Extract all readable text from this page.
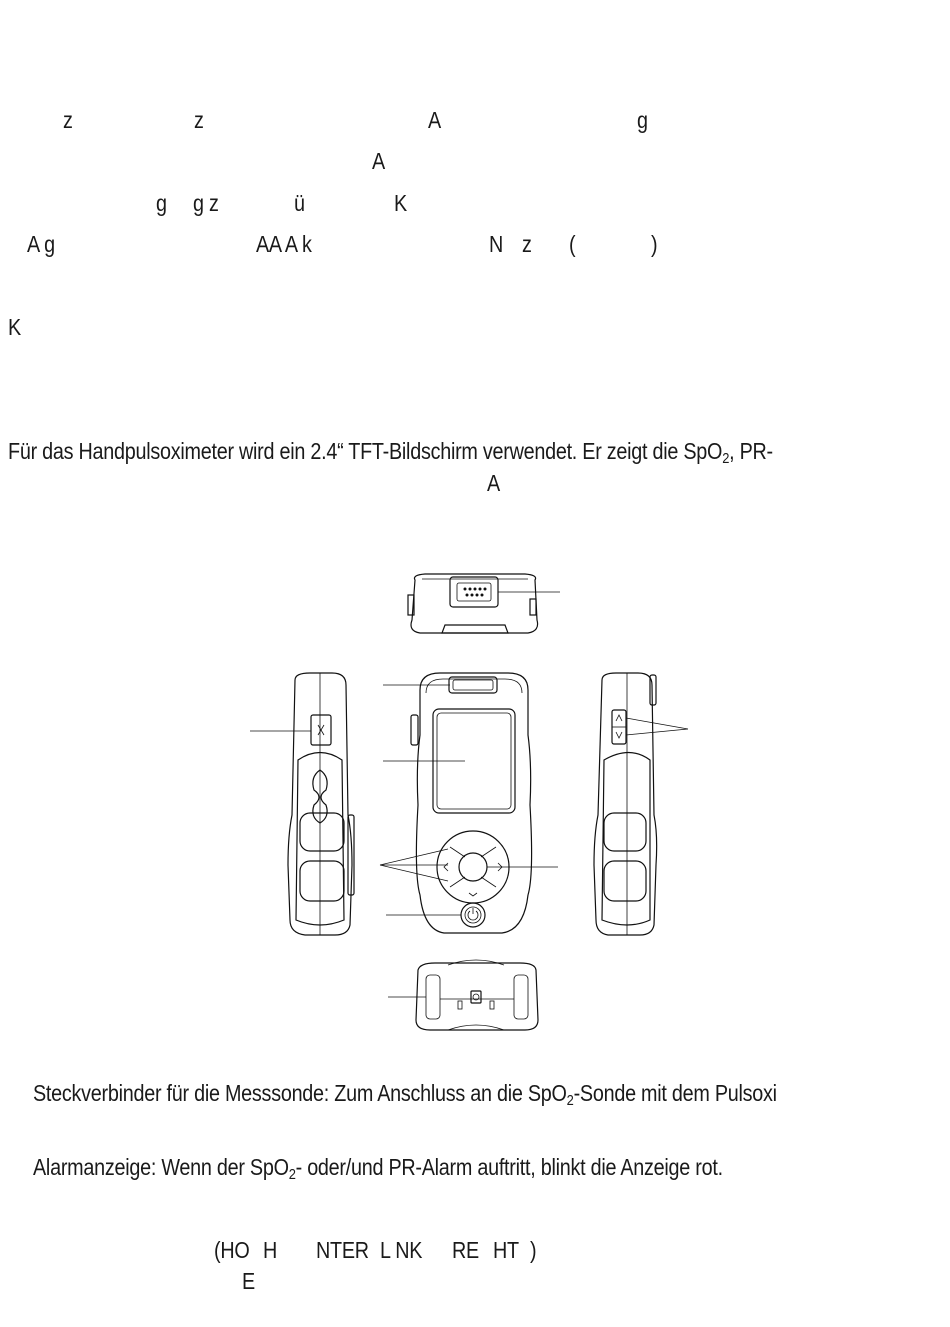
z	z	A	g

A

g g z	ü	K

A g	AA A k	N z (	)

K

Für das Handpulsoximeter wird ein 2.4“ TFT-Bildschirm verwendet. Er zeigt die SpO$_2$, PR-

A

Steckverbinder für die Messsonde: Zum Anschluss an die SpO$_2$-Sonde mit dem Pulsoxi

Alarmanzeige: Wenn der SpO$_2$- oder/und PR-Alarm auftritt, blinkt die Anzeige rot.

(HO H NTER L NK RE HT )

E
